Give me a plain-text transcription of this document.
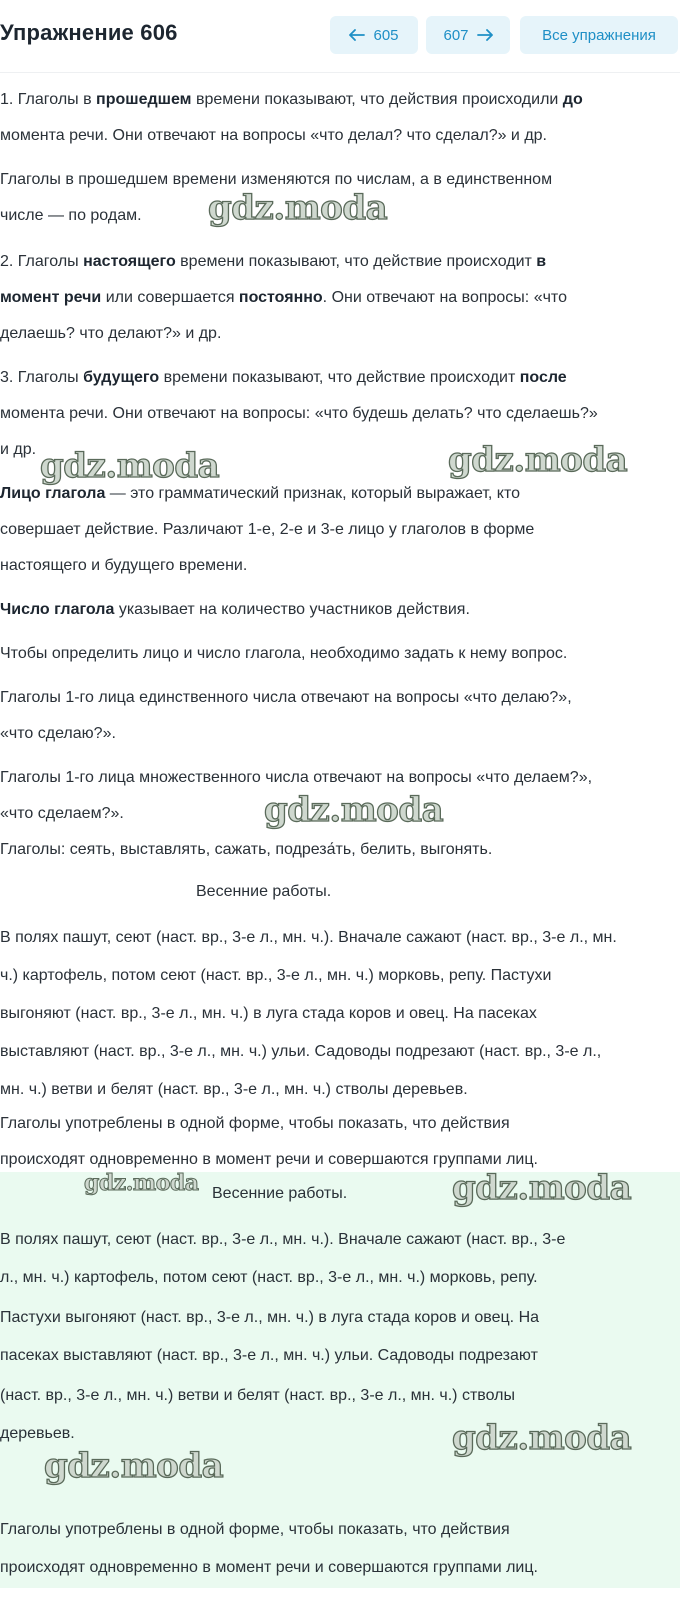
Упражнение 606	605	607	Все упражнения
1. Глаголы в прошедшем времени показывают, что действия происходили до
момента речи. Они отвечают на вопросы «что делал? что сделал?» и др.
Глаголы в прошедшем времени изменяются по числам, а в единственном
числе — по родам.
2. Глаголы настоящего времени показывают, что действие происходит в
момент речи или совершается постоянно. Они отвечают на вопросы: «что
делаешь? что делают?» и др.
3. Глаголы будущего времени показывают, что действие происходит после
момента речи. Они отвечают на вопросы: «что будешь делать? что сделаешь?»
и др.
Лицо глагола — это грамматический признак, который выражает, кто
совершает действие. Различают 1-е, 2-е и 3-е лицо у глаголов в форме
настоящего и будущего времени.
Число глагола указывает на количество участников действия.
Чтобы определить лицо и число глагола, необходимо задать к нему вопрос.
Глаголы 1-го лица единственного числа отвечают на вопросы «что делаю?»,
«что сделаю?».
Глаголы 1-го лица множественного числа отвечают на вопросы «что делаем?»,
«что сделаем?».
Глаголы: сеять, выставлять, сажать, подреза́ть, белить, выгонять.
Весенние работы.
В полях пашут, сеют (наст. вр., 3-е л., мн. ч.). Вначале сажают (наст. вр., 3-е л., мн.
ч.) картофель, потом сеют (наст. вр., 3-е л., мн. ч.) морковь, репу. Пастухи
выгоняют (наст. вр., 3-е л., мн. ч.) в луга стада коров и овец. На пасеках
выставляют (наст. вр., 3-е л., мн. ч.) ульи. Садоводы подрезают (наст. вр., 3-е л.,
мн. ч.) ветви и белят (наст. вр., 3-е л., мн. ч.) стволы деревьев.
Глаголы употреблены в одной форме, чтобы показать, что действия
происходят одновременно в момент речи и совершаются группами лиц.
Весенние работы.
В полях пашут, сеют (наст. вр., 3-е л., мн. ч.). Вначале сажают (наст. вр., 3-е
л., мн. ч.) картофель, потом сеют (наст. вр., 3-е л., мн. ч.) морковь, репу.
Пастухи выгоняют (наст. вр., 3-е л., мн. ч.) в луга стада коров и овец. На
пасеках выставляют (наст. вр., 3-е л., мн. ч.) ульи. Садоводы подрезают
(наст. вр., 3-е л., мн. ч.) ветви и белят (наст. вр., 3-е л., мн. ч.) стволы
деревьев.
Глаголы употреблены в одной форме, чтобы показать, что действия
происходят одновременно в момент речи и совершаются группами лиц.
gdz.moda
gdz.moda	gdz.moda
gdz.moda
gdz.moda	gdz.moda
gdz.moda
gdz.moda
